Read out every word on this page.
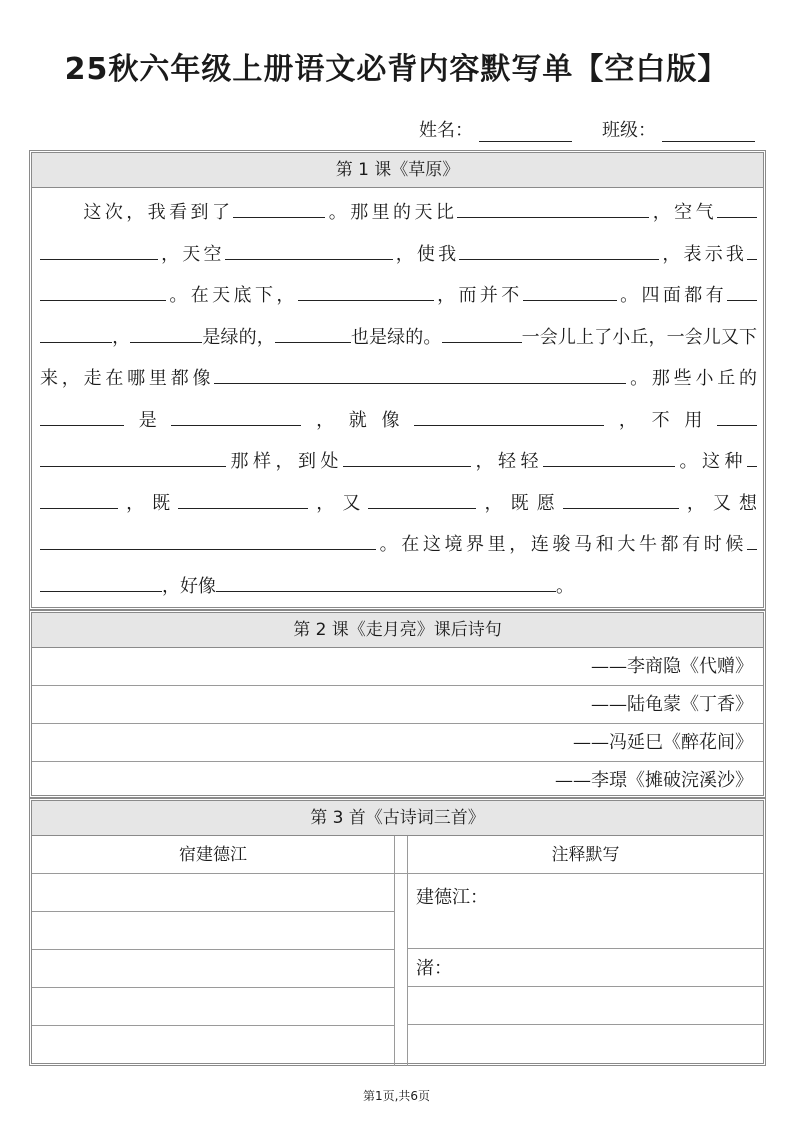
25秋六年级上册语文必背内容默写单【空白版】
姓名：	班级：
第 1 课《草原》
这次，我看到了	。那里的天比	，空气，天空	，使我	，表示我。在天底下，	，而并不	。四面都有，	是绿的，	也是绿的。	一会儿上了小丘，一会儿又下来，走在哪里都像	。那些小丘的是	，就像	，不用那样，到处	，轻轻	。这种，既	，又	，既愿	，又想。在这境界里，连骏马和大牛都有时候，好像	。
第 2 课《走月亮》课后诗句
——李商隐《代赠》
——陆龟蒙《丁香》
——冯延巳《醉花间》
——李璟《摊破浣溪沙》
第 3 首《古诗词三首》
宿建德江	注释默写
建德江：
渚：
第1页,共6页
